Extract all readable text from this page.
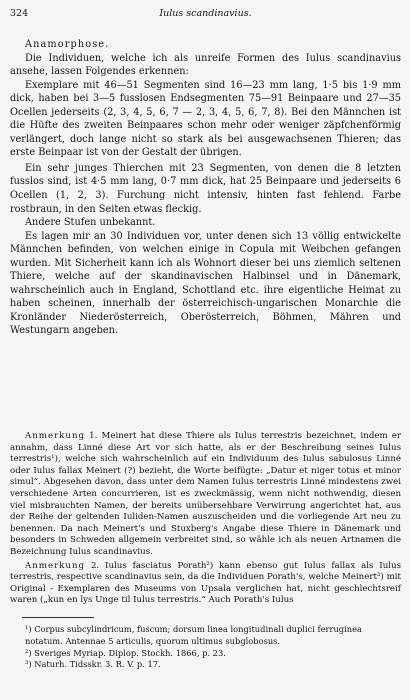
324	Iulus scandinavius.

Anamorphose.

Die Individuen, welche ich als unreife Formen des Iulus scandinavius ansehe, lassen Folgendes erkennen:

Exemplare mit 46—51 Segmenten sind 16—23 mm lang, 1·5 bis 1·9 mm dick, haben bei 3—5 fusslosen Endsegmenten 75—91 Beinpaare und 27—35 Ocellen jederseits (2, 3, 4, 5, 6, 7 — 2, 3, 4, 5, 6, 7, 8). Bei den Männchen ist die Hüfte des zweiten Beinpaares schon mehr oder weniger zäpfchenförmig verlängert, doch lange nicht so stark als bei ausgewachsenen Thieren; das erste Beinpaar ist von der Gestalt der übrigen.

Ein sehr junges Thierchen mit 23 Segmenten, von denen die 8 letzten fusslos sind, ist 4·5 mm lang, 0·7 mm dick, hat 25 Beinpaare und jederseits 6 Ocellen (1, 2, 3). Furchung nicht intensiv, hinten fast fehlend. Farbe rostbraun, in den Seiten etwas fleckig.

Andere Stufen unbekannt.

Es lagen mir an 30 Individuen vor, unter denen sich 13 völlig entwickelte Männchen befinden, von welchen einige in Copula mit Weibchen gefangen wurden. Mit Sicherheit kann ich als Wohnort dieser bei uns ziemlich seltenen Thiere, welche auf der skandinavischen Halbinsel und in Dänemark, wahrscheinlich auch in England, Schottland etc. ihre eigentliche Heimat zu haben scheinen, innerhalb der österreichisch-ungarischen Monarchie die Kronländer Niederösterreich, Oberösterreich, Böhmen, Mähren und Westungarn angeben.

Anmerkung 1. Meinert hat diese Thiere als Iulus terrestris bezeichnet, indem er annahm, dass Linné diese Art vor sich hatte, als er der Beschreibung seines Iulus terrestris¹), welche sich wahrscheinlich auf ein Individuum des Iulus sabulosus Linné oder Iulus fallax Meinert (?) bezieht, die Worte beifügte: „Datur et niger totus et minor simul“. Abgesehen davon, dass unter dem Namen Iulus terrestris Linné mindestens zwei verschiedene Arten concurrieren, ist es zweckmässig, wenn nicht nothwendig, diesen viel misbrauchten Namen, der bereits unübersehbare Verwirrung angerichtet hat, aus der Reihe der geltenden Iuliden-Namen auszuscheiden und die vorliegende Art neu zu benennen. Da nach Meinert's und Stuxberg's Angabe diese Thiere in Dänemark und besonders in Schweden allgemein verbreitet sind, so wähle ich als neuen Artnamen die Bezeichnung Iulus scandinavius.

Anmerkung 2. Iulus fasciatus Porath²) kann ebenso gut Iulus fallax als Iulus terrestris, respective scandinavius sein, da die Individuen Porath's, welche Meinert³) mit Original - Exemplaren des Museums von Upsala verglichen hat, nicht geschlechtsreif waren („kun en lys Unge til Iulus terrestris.“ Auch Porath's Iulus

¹) Corpus subcylindricum, fuscum; dorsum linea longitudinali duplici ferruginea notatum. Antennae 5 articulis, quorum ultimus subglobosus.

²) Sveriges Myriap. Diplop. Stockh. 1866, p. 23.

³) Naturh. Tidsskr. 3. R. V. p. 17.
